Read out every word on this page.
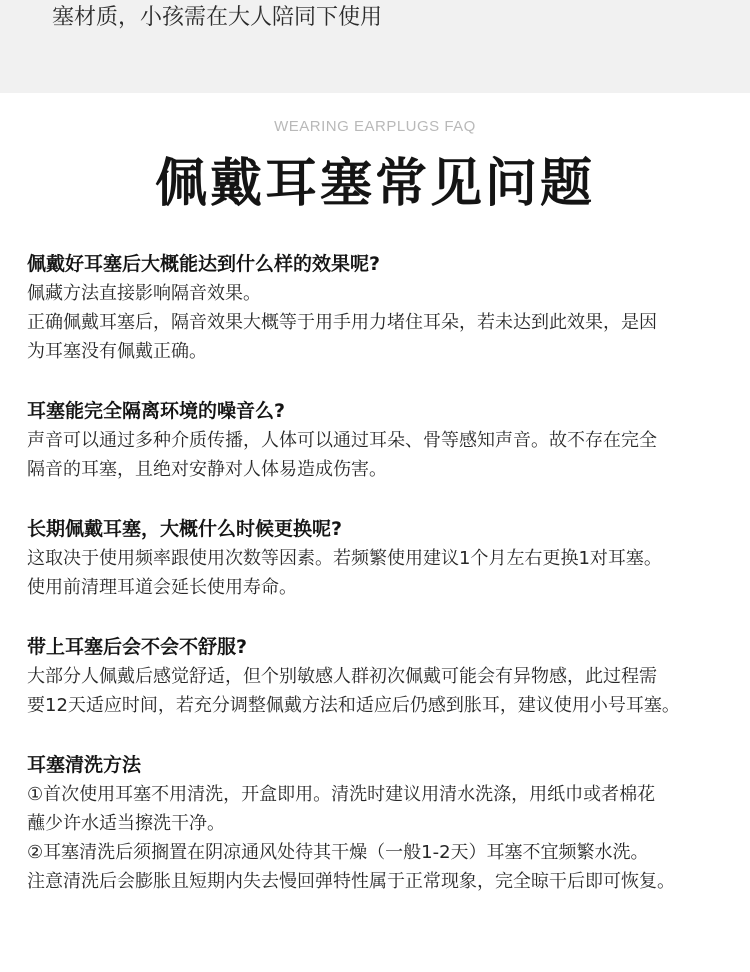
塞材质，小孩需在大人陪同下使用
WEARING EARPLUGS FAQ
佩戴耳塞常见问题
佩戴好耳塞后大概能达到什么样的效果呢?
佩藏方法直接影响隔音效果。
正确佩戴耳塞后，隔音效果大概等于用手用力堵住耳朵，若未达到此效果，是因
为耳塞没有佩戴正确。
耳塞能完全隔离环境的噪音么?
声音可以通过多种介质传播，人体可以通过耳朵、骨等感知声音。故不存在完全
隔音的耳塞，且绝对安静对人体易造成伤害。
长期佩戴耳塞，大概什么时候更换呢?
这取决于使用频率跟使用次数等因素。若频繁使用建议1个月左右更换1对耳塞。
使用前清理耳道会延长使用寿命。
带上耳塞后会不会不舒服?
大部分人佩戴后感觉舒适，但个别敏感人群初次佩戴可能会有异物感，此过程需
要12天适应时间，若充分调整佩戴方法和适应后仍感到胀耳，建议使用小号耳塞。
耳塞清洗方法
①首次使用耳塞不用清洗，开盒即用。清洗时建议用清水洗涤，用纸巾或者棉花
蘸少许水适当擦洗干净。
②耳塞清洗后须搁置在阴凉通风处待其干燥（一般1-2天）耳塞不宜频繁水洗。
注意清洗后会膨胀且短期内失去慢回弹特性属于正常现象，完全晾干后即可恢复。
